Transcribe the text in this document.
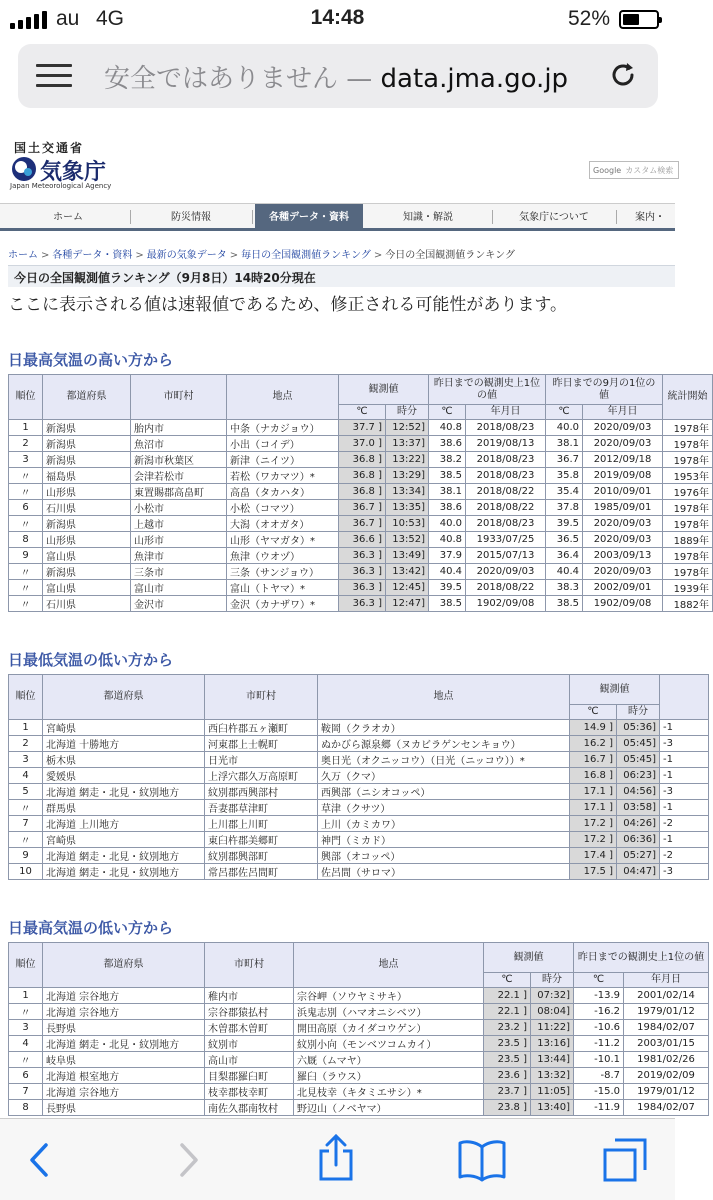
au 4G	14:48	52%
安全ではありません — data.jma.go.jp
国土交通省
気象庁
Japan Meteorological Agency
Google カスタム検索
ホーム	防災情報	各種データ・資料	知識・解説	気象庁について	案内・
ホーム > 各種データ・資料 > 最新の気象データ > 毎日の全国観測値ランキング > 今日の全国観測値ランキング
今日の全国観測値ランキング（9月8日）14時20分現在
ここに表示される値は速報値であるため、修正される可能性があります。
日最高気温の高い方から
順位	都道府県	市町村	地点	観測値		昨日までの観測史上1位の値		昨日までの9月の1位の値		統計開始
				℃	時分	℃	年月日	℃	年月日	
1	新潟県	胎内市	中条（ナカジョウ）	37.7 ]	12:52]	40.8	2018/08/23	40.0	2020/09/03	1978年
2	新潟県	魚沼市	小出（コイデ）	37.0 ]	13:37]	38.6	2019/08/13	38.1	2020/09/03	1978年
3	新潟県	新潟市秋葉区	新津（ニイツ）	36.8 ]	13:22]	38.2	2018/08/23	36.7	2012/09/18	1978年
〃	福島県	会津若松市	若松（ワカマツ）*	36.8 ]	13:29]	38.5	2018/08/23	35.8	2019/09/08	1953年
〃	山形県	東置賜郡高畠町	高畠（タカハタ）	36.8 ]	13:34]	38.1	2018/08/22	35.4	2010/09/01	1976年
6	石川県	小松市	小松（コマツ）	36.7 ]	13:35]	38.6	2018/08/22	37.8	1985/09/01	1978年
〃	新潟県	上越市	大潟（オオガタ）	36.7 ]	10:53]	40.0	2018/08/23	39.5	2020/09/03	1978年
8	山形県	山形市	山形（ヤマガタ）*	36.6 ]	13:52]	40.8	1933/07/25	36.5	2020/09/03	1889年
9	富山県	魚津市	魚津（ウオヅ）	36.3 ]	13:49]	37.9	2015/07/13	36.4	2003/09/13	1978年
〃	新潟県	三条市	三条（サンジョウ）	36.3 ]	13:42]	40.4	2020/09/03	40.4	2020/09/03	1978年
〃	富山県	富山市	富山（トヤマ）*	36.3 ]	12:45]	39.5	2018/08/22	38.3	2002/09/01	1939年
〃	石川県	金沢市	金沢（カナザワ）*	36.3 ]	12:47]	38.5	1902/09/08	38.5	1902/09/08	1882年
日最低気温の低い方から
順位	都道府県	市町村	地点	観測値		
				℃	時分	
1	宮崎県	西臼杵郡五ヶ瀬町	鞍岡（クラオカ）	14.9 ]	05:36]	-1
2	北海道 十勝地方	河東郡上士幌町	ぬかびら源泉郷（ヌカビラゲンセンキョウ）	16.2 ]	05:45]	-3
3	栃木県	日光市	奥日光（オクニッコウ）（日光（ニッコウ））*	16.7 ]	05:45]	-1
4	愛媛県	上浮穴郡久万高原町	久万（クマ）	16.8 ]	06:23]	-1
5	北海道 網走・北見・紋別地方	紋別郡西興部村	西興部（ニシオコッペ）	17.1 ]	04:56]	-3
〃	群馬県	吾妻郡草津町	草津（クサツ）	17.1 ]	03:58]	-1
7	北海道 上川地方	上川郡上川町	上川（カミカワ）	17.2 ]	04:26]	-2
〃	宮崎県	東臼杵郡美郷町	神門（ミカド）	17.2 ]	06:36]	-1
9	北海道 網走・北見・紋別地方	紋別郡興部町	興部（オコッペ）	17.4 ]	05:27]	-2
10	北海道 網走・北見・紋別地方	常呂郡佐呂間町	佐呂間（サロマ）	17.5 ]	04:47]	-3
日最高気温の低い方から
順位	都道府県	市町村	地点	観測値		昨日までの観測史上1位の値	
				℃	時分	℃	年月日
1	北海道 宗谷地方	稚内市	宗谷岬（ソウヤミサキ）	22.1 ]	07:32]	-13.9	2001/02/14
〃	北海道 宗谷地方	宗谷郡猿払村	浜鬼志別（ハマオニシベツ）	22.1 ]	08:04]	-16.2	1979/01/12
3	長野県	木曽郡木曽町	開田高原（カイダコウゲン）	23.2 ]	11:22]	-10.6	1984/02/07
4	北海道 網走・北見・紋別地方	紋別市	紋別小向（モンベツコムカイ）	23.5 ]	13:16]	-11.2	2003/01/15
〃	岐阜県	高山市	六厩（ムマヤ）	23.5 ]	13:44]	-10.1	1981/02/26
6	北海道 根室地方	目梨郡羅臼町	羅臼（ラウス）	23.6 ]	13:32]	-8.7	2019/02/09
7	北海道 宗谷地方	枝幸郡枝幸町	北見枝幸（キタミエサシ）*	23.7 ]	11:05]	-15.0	1979/01/12
8	長野県	南佐久郡南牧村	野辺山（ノベヤマ）	23.8 ]	13:40]	-11.9	1984/02/07
